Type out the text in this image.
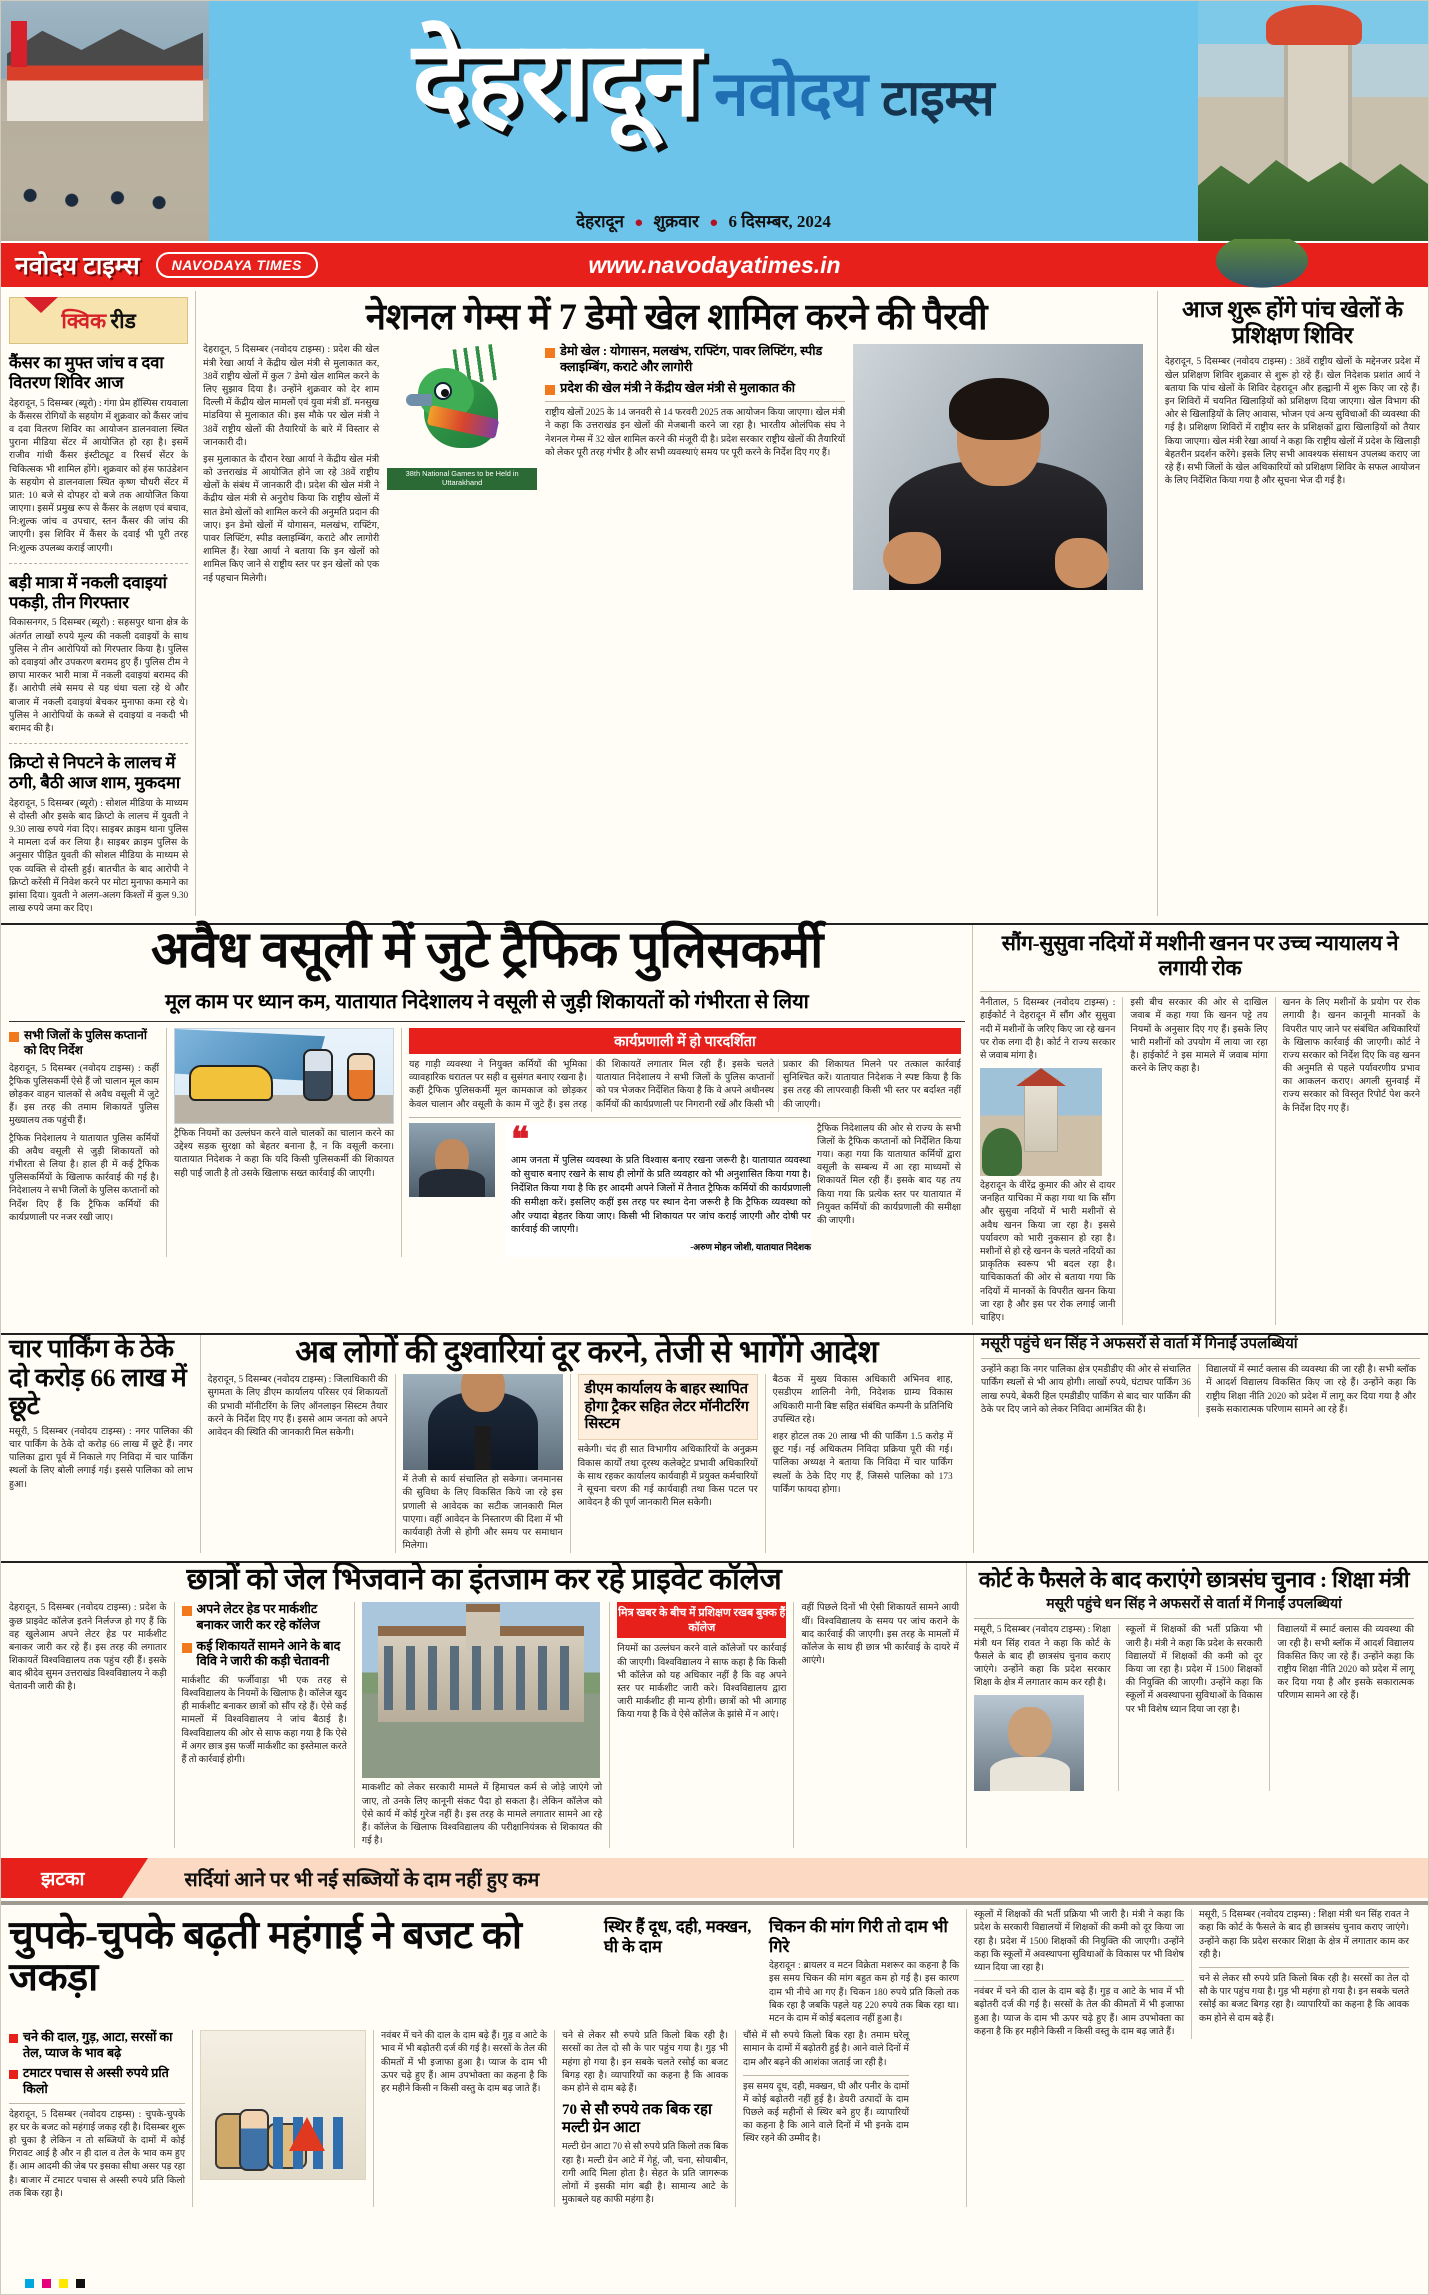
देहरादून नवोदय टाइम्स
देहरादून ● शुक्रवार ● 6 दिसम्बर, 2024
नवोदय टाइम्स	NAVODAYA TIMES	www.navodayatimes.in
क्विक रीड
कैंसर का मुफ्त जांच व दवा वितरण शिविर आज
देहरादून, 5 दिसम्बर (ब्यूरो) : गंगा प्रेम हॉस्पिस रायवाला के कैंसरस रोगियों के सहयोग में शुक्रवार को कैंसर जांच व दवा वितरण शिविर का आयोजन डालनवाला स्थित पुराना मीडिया सेंटर में आयोजित हो रहा है। इसमें राजीव गांधी कैंसर इंस्टीट्यूट व रिसर्च सेंटर के चिकित्सक भी शामिल होंगे। शुक्रवार को हंस फाउंडेशन के सहयोग से डालनवाला स्थित कृष्ण चौधरी सेंटर में प्रात: 10 बजे से दोपहर दो बजे तक आयोजित किया जाएगा। इसमें प्रमुख रूप से कैंसर के लक्षण एवं बचाव, नि:शुल्क जांच व उपचार, स्तन कैंसर की जांच की जाएगी। इस शिविर में कैंसर के दवाई भी पूरी तरह नि:शुल्क उपलब्ध कराई जाएगी।
बड़ी मात्रा में नकली दवाइयां पकड़ी, तीन गिरफ्तार
विकासनगर, 5 दिसम्बर (ब्यूरो) : सहसपुर थाना क्षेत्र के अंतर्गत लाखों रुपये मूल्य की नकली दवाइयों के साथ पुलिस ने तीन आरोपियों को गिरफ्तार किया है। पुलिस को दवाइयां और उपकरण बरामद हुए हैं। पुलिस टीम ने छापा मारकर भारी मात्रा में नकली दवाइयां बरामद की हैं। आरोपी लंबे समय से यह धंधा चला रहे थे और बाजार में नकली दवाइयां बेचकर मुनाफा कमा रहे थे। पुलिस ने आरोपियों के कब्जे से दवाइयां व नकदी भी बरामद की है।
क्रिप्टो से निपटने के लालच में ठगी, बैठी आज शाम, मुकदमा
देहरादून, 5 दिसम्बर (ब्यूरो) : सोशल मीडिया के माध्यम से दोस्ती और इसके बाद क्रिप्टो के लालच में युवती ने 9.30 लाख रुपये गंवा दिए। साइबर क्राइम थाना पुलिस ने मामला दर्ज कर लिया है। साइबर क्राइम पुलिस के अनुसार पीड़ित युवती की सोशल मीडिया के माध्यम से एक व्यक्ति से दोस्ती हुई। बातचीत के बाद आरोपी ने क्रिप्टो करेंसी में निवेश करने पर मोटा मुनाफा कमाने का झांसा दिया। युवती ने अलग-अलग किश्तों में कुल 9.30 लाख रुपये जमा कर दिए।
नेशनल गेम्स में 7 डेमो खेल शामिल करने की पैरवी
देहरादून, 5 दिसम्बर (नवोदय टाइम्स) : प्रदेश की खेल मंत्री रेखा आर्या ने केंद्रीय खेल मंत्री से मुलाकात कर, 38वें राष्ट्रीय खेलों में कुल 7 डेमो खेल शामिल करने के लिए सुझाव दिया है। उन्होंने शुक्रवार को देर शाम दिल्ली में केंद्रीय खेल मामलों एवं युवा मंत्री डॉ. मनसुख मांडविया से मुलाकात की। इस मौके पर खेल मंत्री ने 38वें राष्ट्रीय खेलों की तैयारियों के बारे में विस्तार से जानकारी दी।
इस मुलाकात के दौरान रेखा आर्या ने केंद्रीय खेल मंत्री को उत्तराखंड में आयोजित होने जा रहे 38वें राष्ट्रीय खेलों के संबंध में जानकारी दी। प्रदेश की खेल मंत्री ने केंद्रीय खेल मंत्री से अनुरोध किया कि राष्ट्रीय खेलों में सात डेमो खेलों को शामिल करने की अनुमति प्रदान की जाए। इन डेमो खेलों में योगासन, मलखंभ, राफ्टिंग, पावर लिफ्टिंग, स्पीड क्लाइम्बिंग, कराटे और लागोरी शामिल हैं। रेखा आर्या ने बताया कि इन खेलों को शामिल किए जाने से राष्ट्रीय स्तर पर इन खेलों को एक नई पहचान मिलेगी।
38th National Games to be Held in Uttarakhand
डेमो खेल : योगासन, मलखंभ, राफ्टिंग, पावर लिफ्टिंग, स्पीड क्लाइम्बिंग, कराटे और लागोरी
प्रदेश की खेल मंत्री ने केंद्रीय खेल मंत्री से मुलाकात की
राष्ट्रीय खेलों 2025 के 14 जनवरी से 14 फरवरी 2025 तक आयोजन किया जाएगा। खेल मंत्री ने कहा कि उत्तराखंड इन खेलों की मेजबानी करने जा रहा है। भारतीय ओलंपिक संघ ने नेशनल गेम्स में 32 खेल शामिल करने की मंजूरी दी है। प्रदेश सरकार राष्ट्रीय खेलों की तैयारियों को लेकर पूरी तरह गंभीर है और सभी व्यवस्थाएं समय पर पूरी करने के निर्देश दिए गए हैं।
आज शुरू होंगे पांच खेलों के प्रशिक्षण शिविर
देहरादून, 5 दिसम्बर (नवोदय टाइम्स) : 38वें राष्ट्रीय खेलों के मद्देनजर प्रदेश में खेल प्रशिक्षण शिविर शुक्रवार से शुरू हो रहे हैं। खेल निदेशक प्रशांत आर्य ने बताया कि पांच खेलों के शिविर देहरादून और हल्द्वानी में शुरू किए जा रहे हैं। इन शिविरों में चयनित खिलाड़ियों को प्रशिक्षण दिया जाएगा। खेल विभाग की ओर से खिलाड़ियों के लिए आवास, भोजन एवं अन्य सुविधाओं की व्यवस्था की गई है। प्रशिक्षण शिविरों में राष्ट्रीय स्तर के प्रशिक्षकों द्वारा खिलाड़ियों को तैयार किया जाएगा। खेल मंत्री रेखा आर्या ने कहा कि राष्ट्रीय खेलों में प्रदेश के खिलाड़ी बेहतरीन प्रदर्शन करेंगे। इसके लिए सभी आवश्यक संसाधन उपलब्ध कराए जा रहे हैं। सभी जिलों के खेल अधिकारियों को प्रशिक्षण शिविर के सफल आयोजन के लिए निर्देशित किया गया है और सूचना भेज दी गई है।
अवैध वसूली में जुटे ट्रैफिक पुलिसकर्मी
मूल काम पर ध्यान कम, यातायात निदेशालय ने वसूली से जुड़ी शिकायतों को गंभीरता से लिया
सभी जिलों के पुलिस कप्तानों को दिए निर्देश
देहरादून, 5 दिसम्बर (नवोदय टाइम्स) : कहीं ट्रैफिक पुलिसकर्मी ऐसे हैं जो चालान मूल काम छोड़कर वाहन चालकों से अवैध वसूली में जुटे हैं। इस तरह की तमाम शिकायतें पुलिस मुख्यालय तक पहुंची हैं।
ट्रैफिक निदेशालय ने यातायात पुलिस कर्मियों की अवैध वसूली से जुड़ी शिकायतों को गंभीरता से लिया है। हाल ही में कई ट्रैफिक पुलिसकर्मियों के खिलाफ कार्रवाई की गई है। निदेशालय ने सभी जिलों के पुलिस कप्तानों को निर्देश दिए हैं कि ट्रैफिक कर्मियों की कार्यप्रणाली पर नजर रखी जाए।
ट्रैफिक नियमों का उल्लंघन करने वाले चालकों का चालान करने का उद्देश्य सड़क सुरक्षा को बेहतर बनाना है, न कि वसूली करना। यातायात निदेशक ने कहा कि यदि किसी पुलिसकर्मी की शिकायत सही पाई जाती है तो उसके खिलाफ सख्त कार्रवाई की जाएगी।
कार्यप्रणाली में हो पारदर्शिता
यह गाड़ी व्यवस्था ने नियुक्त कर्मियों की भूमिका व्यावहारिक धरातल पर सही व सुसंगत बनाए रखना है। कहीं ट्रैफिक पुलिसकर्मी मूल कामकाज को छोड़कर केवल चालान और वसूली के काम में जुटे हैं। इस तरह की शिकायतें लगातार मिल रही हैं। इसके चलते यातायात निदेशालय ने सभी जिलों के पुलिस कप्तानों को पत्र भेजकर निर्देशित किया है कि वे अपने अधीनस्थ कर्मियों की कार्यप्रणाली पर निगरानी रखें और किसी भी प्रकार की शिकायत मिलने पर तत्काल कार्रवाई सुनिश्चित करें। यातायात निदेशक ने स्पष्ट किया है कि इस तरह की लापरवाही किसी भी स्तर पर बर्दाश्त नहीं की जाएगी।
❝
आम जनता में पुलिस व्यवस्था के प्रति विश्वास बनाए रखना जरूरी है। यातायात व्यवस्था को सुचारु बनाए रखने के साथ ही लोगों के प्रति व्यवहार को भी अनुशासित किया गया है। निर्देशित किया गया है कि हर आदमी अपने जिलों में तैनात ट्रैफिक कर्मियों की कार्यप्रणाली की समीक्षा करें। इसलिए कहीं इस तरह पर स्थान देना जरूरी है कि ट्रैफिक व्यवस्था को और ज्यादा बेहतर किया जाए। किसी भी शिकायत पर जांच कराई जाएगी और दोषी पर कार्रवाई की जाएगी।
-अरुण मोहन जोशी, यातायात निदेशक
ट्रैफिक निदेशालय की ओर से राज्य के सभी जिलों के ट्रैफिक कप्तानों को निर्देशित किया गया। कहा गया कि यातायात कर्मियों द्वारा वसूली के सम्बन्ध में आ रहा माध्यमों से शिकायतें मिल रही हैं। इसके बाद यह तय किया गया कि प्रत्येक स्तर पर यातायात में नियुक्त कर्मियों की कार्यप्रणाली की समीक्षा की जाएगी।
सौंग-सुसुवा नदियों में मशीनी खनन पर उच्च न्यायालय ने लगायी रोक
नैनीताल, 5 दिसम्बर (नवोदय टाइम्स) : हाईकोर्ट ने देहरादून में सौंग और सुसुवा नदी में मशीनों के जरिए किए जा रहे खनन पर रोक लगा दी है। कोर्ट ने राज्य सरकार से जवाब मांगा है।
देहरादून के वीरेंद्र कुमार की ओर से दायर जनहित याचिका में कहा गया था कि सौंग और सुसुवा नदियों में भारी मशीनों से अवैध खनन किया जा रहा है। इससे पर्यावरण को भारी नुकसान हो रहा है। मशीनों से हो रहे खनन के चलते नदियों का प्राकृतिक स्वरूप भी बदल रहा है। याचिकाकर्ता की ओर से बताया गया कि नदियों में मानकों के विपरीत खनन किया जा रहा है और इस पर रोक लगाई जानी चाहिए।
इसी बीच सरकार की ओर से दाखिल जवाब में कहा गया कि खनन पट्टे तय नियमों के अनुसार दिए गए हैं। इसके लिए भारी मशीनों को उपयोग में लाया जा रहा है। हाईकोर्ट ने इस मामले में जवाब मांगा करने के लिए कहा है।
खनन के लिए मशीनों के प्रयोग पर रोक लगायी है। खनन कानूनी मानकों के विपरीत पाए जाने पर संबंधित अधिकारियों के खिलाफ कार्रवाई की जाएगी। कोर्ट ने राज्य सरकार को निर्देश दिए कि वह खनन की अनुमति से पहले पर्यावरणीय प्रभाव का आकलन कराए। अगली सुनवाई में राज्य सरकार को विस्तृत रिपोर्ट पेश करने के निर्देश दिए गए हैं।
चार पार्किंग के ठेके दो करोड़ 66 लाख में छूटे
मसूरी, 5 दिसम्बर (नवोदय टाइम्स) : नगर पालिका की चार पार्किंग के ठेके दो करोड़ 66 लाख में छूटे हैं। नगर पालिका द्वारा पूर्व में निकाले गए निविदा में चार पार्किंग स्थलों के लिए बोली लगाई गई। इससे पालिका को लाभ हुआ।
अब लोगों की दुश्वारियां दूर करने, तेजी से भागेंगे आदेश
देहरादून, 5 दिसम्बर (नवोदय टाइम्स) : जिलाधिकारी की सुगमता के लिए डीएम कार्यालय परिसर एवं शिकायतों की प्रभावी मॉनीटरिंग के लिए ऑनलाइन सिस्टम तैयार करने के निर्देश दिए गए हैं। इससे आम जनता को अपने आवेदन की स्थिति की जानकारी मिल सकेगी।
में तेजी से कार्य संचालित हो सकेगा। जनमानस की सुविधा के लिए विकसित किये जा रहे इस प्रणाली से आवेदक का सटीक जानकारी मिल पाएगा। वहीं आवेदन के निस्तारण की दिशा में भी कार्यवाही तेजी से होगी और समय पर समाधान मिलेगा।
डीएम कार्यालय के बाहर स्थापित होगा ट्रैकर सहित लेटर मॉनीटरिंग सिस्टम
सकेगी। चंद ही सात विभागीय अधिकारियों के अनुक्रम विकास कार्यों तथा दूरस्थ कलेक्ट्रेट प्रभावी अधिकारियों के साथ रहकर कार्यालय कार्यवाही में प्रयुक्त कर्मचारियों ने सूचना चरण की गई कार्यवाही तथा किस पटल पर आवेदन है की पूर्ण जानकारी मिल सकेगी।
बैठक में मुख्य विकास अधिकारी अभिनव शाह, एसडीएम शालिनी नेगी, निदेशक ग्राम्य विकास अधिकारी मानी बिष्ट सहित संबंधित कम्पनी के प्रतिनिधि उपस्थित रहे।
शहर होटल तक 20 लाख भी की पार्किंग 1.5 करोड़ में छूट गई। नई अधिकतम निविदा प्रक्रिया पूरी की गई। पालिका अध्यक्ष ने बताया कि निविदा में चार पार्किंग स्थलों के ठेके दिए गए हैं, जिससे पालिका को 173 पार्किंग फायदा होगा।
मसूरी पहुंचे धन सिंह ने अफसरों से वार्ता में गिनाईं उपलब्धियां
उन्होंने कहा कि नगर पालिका क्षेत्र एमडीडीए की ओर से संचालित पार्किंग स्थलों से भी आय होगी। लाखों रुपये, घंटाघर पार्किंग 36 लाख रुपये, बेकरी हिल एमडीडीए पार्किंग से बाद चार पार्किंग की ठेके पर दिए जाने को लेकर निविदा आमंत्रित की है।
विद्यालयों में स्मार्ट क्लास की व्यवस्था की जा रही है। सभी ब्लॉक में आदर्श विद्यालय विकसित किए जा रहे हैं। उन्होंने कहा कि राष्ट्रीय शिक्षा नीति 2020 को प्रदेश में लागू कर दिया गया है और इसके सकारात्मक परिणाम सामने आ रहे हैं।
छात्रों को जेल भिजवाने का इंतजाम कर रहे प्राइवेट कॉलेज
देहरादून, 5 दिसम्बर (नवोदय टाइम्स) : प्रदेश के कुछ प्राइवेट कॉलेज इतने निर्लज्ज हो गए हैं कि वह खुलेआम अपने लेटर हेड पर मार्कशीट बनाकर जारी कर रहे हैं। इस तरह की लगातार शिकायतें विश्वविद्यालय तक पहुंच रही हैं। इसके बाद श्रीदेव सुमन उत्तराखंड विश्वविद्यालय ने कड़ी चेतावनी जारी की है।
अपने लेटर हेड पर मार्कशीट बनाकर जारी कर रहे कॉलेज
कई शिकायतें सामने आने के बाद विवि ने जारी की कड़ी चेतावनी
मार्कशीट की फर्जीवाड़ा भी एक तरह से विश्वविद्यालय के नियमों के खिलाफ है। कॉलेज खुद ही मार्कशीट बनाकर छात्रों को सौंप रहे हैं। ऐसे कई मामलों में विश्वविद्यालय ने जांच बैठाई है। विश्वविद्यालय की ओर से साफ कहा गया है कि ऐसे में अगर छात्र इस फर्जी मार्कशीट का इस्तेमाल करते हैं तो कार्रवाई होगी।
माकशीट को लेकर सरकारी मामले में हिमाचल कर्म से जोड़े जाएंगे जो जाए, तो उनके लिए कानूनी संकट पैदा हो सकता है। लेकिन कॉलेज को ऐसे कार्य में कोई गुरेज नहीं है। इस तरह के मामले लगातार सामने आ रहे हैं। कॉलेज के खिलाफ विश्वविद्यालय की परीक्षानियंत्रक से शिकायत की गई है।
मित्र खबर के बीच में प्रशिक्षण रखब बुक्क हैं कॉलेज
नियमों का उल्लंघन करने वाले कॉलेजों पर कार्रवाई की जाएगी। विश्वविद्यालय ने साफ कहा है कि किसी भी कॉलेज को यह अधिकार नहीं है कि वह अपने स्तर पर मार्कशीट जारी करे। विश्वविद्यालय द्वारा जारी मार्कशीट ही मान्य होगी। छात्रों को भी आगाह किया गया है कि वे ऐसे कॉलेज के झांसे में न आएं।
वहीं पिछले दिनों भी ऐसी शिकायतें सामने आयी थीं। विश्वविद्यालय के समय पर जांच कराने के बाद कार्रवाई की जाएगी। इस तरह के मामलों में कॉलेज के साथ ही छात्र भी कार्रवाई के दायरे में आएंगे।
कोर्ट के फैसले के बाद कराएंगे छात्रसंघ चुनाव : शिक्षा मंत्री
मसूरी पहुंचे धन सिंह ने अफसरों से वार्ता में गिनाईं उपलब्धियां
मसूरी, 5 दिसम्बर (नवोदय टाइम्स) : शिक्षा मंत्री धन सिंह रावत ने कहा कि कोर्ट के फैसले के बाद ही छात्रसंघ चुनाव कराए जाएंगे। उन्होंने कहा कि प्रदेश सरकार शिक्षा के क्षेत्र में लगातार काम कर रही है।
स्कूलों में शिक्षकों की भर्ती प्रक्रिया भी जारी है। मंत्री ने कहा कि प्रदेश के सरकारी विद्यालयों में शिक्षकों की कमी को दूर किया जा रहा है। प्रदेश में 1500 शिक्षकों की नियुक्ति की जाएगी। उन्होंने कहा कि स्कूलों में अवस्थापना सुविधाओं के विकास पर भी विशेष ध्यान दिया जा रहा है।
विद्यालयों में स्मार्ट क्लास की व्यवस्था की जा रही है। सभी ब्लॉक में आदर्श विद्यालय विकसित किए जा रहे हैं। उन्होंने कहा कि राष्ट्रीय शिक्षा नीति 2020 को प्रदेश में लागू कर दिया गया है और इसके सकारात्मक परिणाम सामने आ रहे हैं।
झटका	सर्दियां आने पर भी नई सब्जियों के दाम नहीं हुए कम
चुपके-चुपके बढ़ती महंगाई ने बजट को जकड़ा
स्थिर हैं दूध, दही, मक्खन, घी के दाम
चिकन की मांग गिरी तो दाम भी गिरे
देहरादून : ब्रायलर व मटन विक्रेता मशरूर का कहना है कि इस समय चिकन की मांग बहुत कम हो गई है। इस कारण दाम भी नीचे आ गए हैं। चिकन 180 रुपये प्रति किलो तक बिक रहा है जबकि पहले यह 220 रुपये तक बिक रहा था। मटन के दाम में कोई बदलाव नहीं हुआ है।
चने की दाल, गुड़, आटा, सरसों का तेल, प्याज के भाव बढ़े
टमाटर पचास से अस्सी रुपये प्रति किलो
देहरादून, 5 दिसम्बर (नवोदय टाइम्स) : चुपके-चुपके हर घर के बजट को महंगाई जकड़ रही है। दिसम्बर शुरू हो चुका है लेकिन न तो सब्जियों के दामों में कोई गिरावट आई है और न ही दाल व तेल के भाव कम हुए हैं। आम आदमी की जेब पर इसका सीधा असर पड़ रहा है। बाजार में टमाटर पचास से अस्सी रुपये प्रति किलो तक बिक रहा है।
नवंबर में चने की दाल के दाम बढ़े हैं। गुड़ व आटे के भाव में भी बढ़ोतरी दर्ज की गई है। सरसों के तेल की कीमतों में भी इजाफा हुआ है। प्याज के दाम भी ऊपर चढ़े हुए हैं। आम उपभोक्ता का कहना है कि हर महीने किसी न किसी वस्तु के दाम बढ़ जाते हैं।
चने से लेकर सौ रुपये प्रति किलो बिक रही है। सरसों का तेल दो सौ के पार पहुंच गया है। गुड़ भी महंगा हो गया है। इन सबके चलते रसोई का बजट बिगड़ रहा है। व्यापारियों का कहना है कि आवक कम होने से दाम बढ़े हैं।
70 से सौ रुपये तक बिक रहा मल्टी ग्रेन आटा
मल्टी ग्रेन आटा 70 से सौ रुपये प्रति किलो तक बिक रहा है। मल्टी ग्रेन आटे में गेहूं, जौ, चना, सोयाबीन, रागी आदि मिला होता है। सेहत के प्रति जागरूक लोगों में इसकी मांग बढ़ी है। सामान्य आटे के मुकाबले यह काफी महंगा है।
चौंसे में सौ रुपये किलो बिक रहा है। तमाम घरेलू सामान के दामों में बढ़ोतरी हुई है। आने वाले दिनों में दाम और बढ़ने की आशंका जताई जा रही है।
इस समय दूध, दही, मक्खन, घी और पनीर के दामों में कोई बढ़ोतरी नहीं हुई है। डेयरी उत्पादों के दाम पिछले कई महीनों से स्थिर बने हुए हैं। व्यापारियों का कहना है कि आने वाले दिनों में भी इनके दाम स्थिर रहने की उम्मीद है।
स्कूलों में शिक्षकों की भर्ती प्रक्रिया भी जारी है। मंत्री ने कहा कि प्रदेश के सरकारी विद्यालयों में शिक्षकों की कमी को दूर किया जा रहा है। प्रदेश में 1500 शिक्षकों की नियुक्ति की जाएगी। उन्होंने कहा कि स्कूलों में अवस्थापना सुविधाओं के विकास पर भी विशेष ध्यान दिया जा रहा है।
नवंबर में चने की दाल के दाम बढ़े हैं। गुड़ व आटे के भाव में भी बढ़ोतरी दर्ज की गई है। सरसों के तेल की कीमतों में भी इजाफा हुआ है। प्याज के दाम भी ऊपर चढ़े हुए हैं। आम उपभोक्ता का कहना है कि हर महीने किसी न किसी वस्तु के दाम बढ़ जाते हैं।
मसूरी, 5 दिसम्बर (नवोदय टाइम्स) : शिक्षा मंत्री धन सिंह रावत ने कहा कि कोर्ट के फैसले के बाद ही छात्रसंघ चुनाव कराए जाएंगे। उन्होंने कहा कि प्रदेश सरकार शिक्षा के क्षेत्र में लगातार काम कर रही है।
चने से लेकर सौ रुपये प्रति किलो बिक रही है। सरसों का तेल दो सौ के पार पहुंच गया है। गुड़ भी महंगा हो गया है। इन सबके चलते रसोई का बजट बिगड़ रहा है। व्यापारियों का कहना है कि आवक कम होने से दाम बढ़े हैं।
